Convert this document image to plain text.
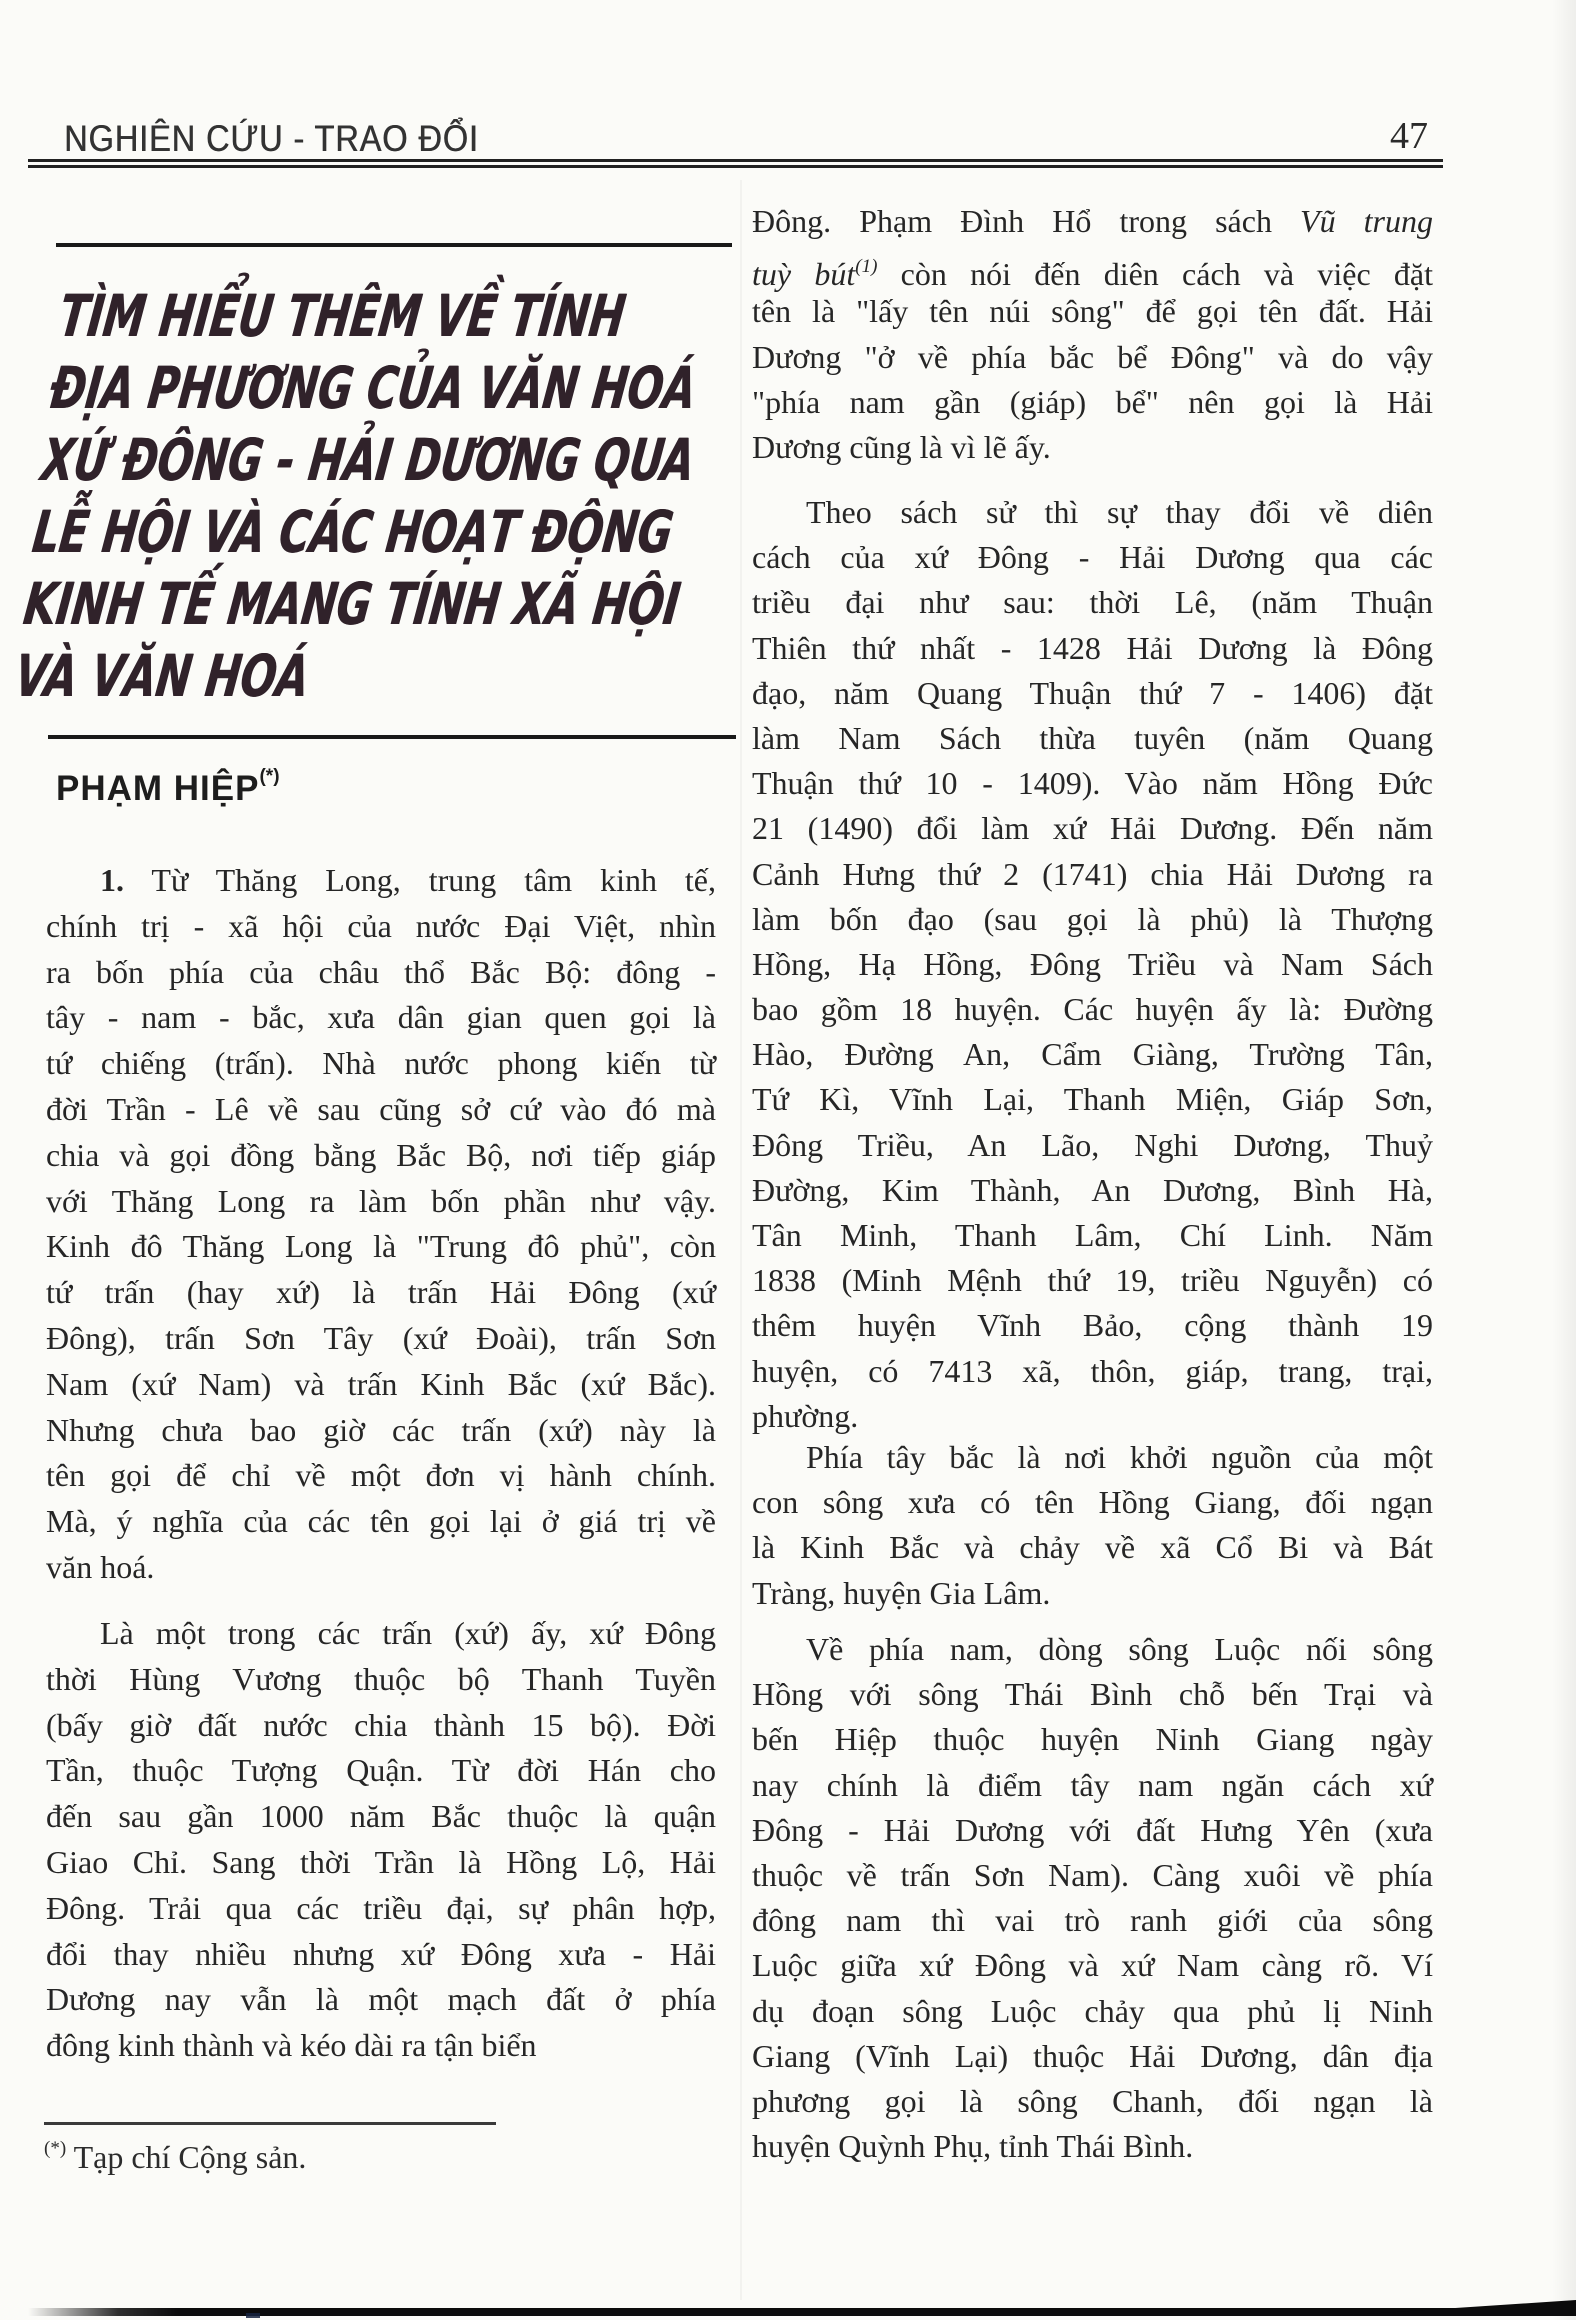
NGHIÊN CỨU - TRAO ĐỔI	47
TÌM HIỂU THÊM VỀ TÍNH
ĐỊA PHƯƠNG CỦA VĂN HOÁ
XỨ ĐÔNG - HẢI DƯƠNG QUA
LỄ HỘI VÀ CÁC HOẠT ĐỘNG
KINH TẾ MANG TÍNH XÃ HỘI
VÀ VĂN HOÁ
PHẠM HIỆP(*)
1. Từ Thăng Long, trung tâm kinh tế,
chính trị - xã hội của nước Đại Việt, nhìn
ra bốn phía của châu thổ Bắc Bộ: đông -
tây - nam - bắc, xưa dân gian quen gọi là
tứ chiếng (trấn). Nhà nước phong kiến từ
đời Trần - Lê về sau cũng sở cứ vào đó mà
chia và gọi đồng bằng Bắc Bộ, nơi tiếp giáp
với Thăng Long ra làm bốn phần như vậy.
Kinh đô Thăng Long là "Trung đô phủ", còn
tứ trấn (hay xứ) là trấn Hải Đông (xứ
Đông), trấn Sơn Tây (xứ Đoài), trấn Sơn
Nam (xứ Nam) và trấn Kinh Bắc (xứ Bắc).
Nhưng chưa bao giờ các trấn (xứ) này là
tên gọi để chỉ về một đơn vị hành chính.
Mà, ý nghĩa của các tên gọi lại ở giá trị về
văn hoá.
Là một trong các trấn (xứ) ấy, xứ Đông
thời Hùng Vương thuộc bộ Thanh Tuyền
(bấy giờ đất nước chia thành 15 bộ). Đời
Tần, thuộc Tượng Quận. Từ đời Hán cho
đến sau gần 1000 năm Bắc thuộc là quận
Giao Chỉ. Sang thời Trần là Hồng Lộ, Hải
Đông. Trải qua các triều đại, sự phân hợp,
đổi thay nhiều nhưng xứ Đông xưa - Hải
Dương nay vẫn là một mạch đất ở phía
đông kinh thành và kéo dài ra tận biển
Đông. Phạm Đình Hổ trong sách Vũ trung
tuỳ bút$^{(1)}$ còn nói đến diên cách và việc đặt
tên là "lấy tên núi sông" để gọi tên đất. Hải
Dương "ở về phía bắc bể Đông" và do vậy
"phía nam gần (giáp) bể" nên gọi là Hải
Dương cũng là vì lẽ ấy.
Theo sách sử thì sự thay đổi về diên
cách của xứ Đông - Hải Dương qua các
triều đại như sau: thời Lê, (năm Thuận
Thiên thứ nhất - 1428 Hải Dương là Đông
đạo, năm Quang Thuận thứ 7 - 1406) đặt
làm Nam Sách thừa tuyên (năm Quang
Thuận thứ 10 - 1409). Vào năm Hồng Đức
21 (1490) đổi làm xứ Hải Dương. Đến năm
Cảnh Hưng thứ 2 (1741) chia Hải Dương ra
làm bốn đạo (sau gọi là phủ) là Thượng
Hồng, Hạ Hồng, Đông Triều và Nam Sách
bao gồm 18 huyện. Các huyện ấy là: Đường
Hào, Đường An, Cẩm Giàng, Trường Tân,
Tứ Kì, Vĩnh Lại, Thanh Miện, Giáp Sơn,
Đông Triều, An Lão, Nghi Dương, Thuỷ
Đường, Kim Thành, An Dương, Bình Hà,
Tân Minh, Thanh Lâm, Chí Linh. Năm
1838 (Minh Mệnh thứ 19, triều Nguyễn) có
thêm huyện Vĩnh Bảo, cộng thành 19
huyện, có 7413 xã, thôn, giáp, trang, trại,
phường.
Phía tây bắc là nơi khởi nguồn của một
con sông xưa có tên Hồng Giang, đối ngạn
là Kinh Bắc và chảy về xã Cổ Bi và Bát
Tràng, huyện Gia Lâm.
Về phía nam, dòng sông Luộc nối sông
Hồng với sông Thái Bình chỗ bến Trại và
bến Hiệp thuộc huyện Ninh Giang ngày
nay chính là điểm tây nam ngăn cách xứ
Đông - Hải Dương với đất Hưng Yên (xưa
thuộc về trấn Sơn Nam). Càng xuôi về phía
đông nam thì vai trò ranh giới của sông
Luộc giữa xứ Đông và xứ Nam càng rõ. Ví
dụ đoạn sông Luộc chảy qua phủ lị Ninh
Giang (Vĩnh Lại) thuộc Hải Dương, dân địa
phương gọi là sông Chanh, đối ngạn là
huyện Quỳnh Phụ, tỉnh Thái Bình.
(*) Tạp chí Cộng sản.
